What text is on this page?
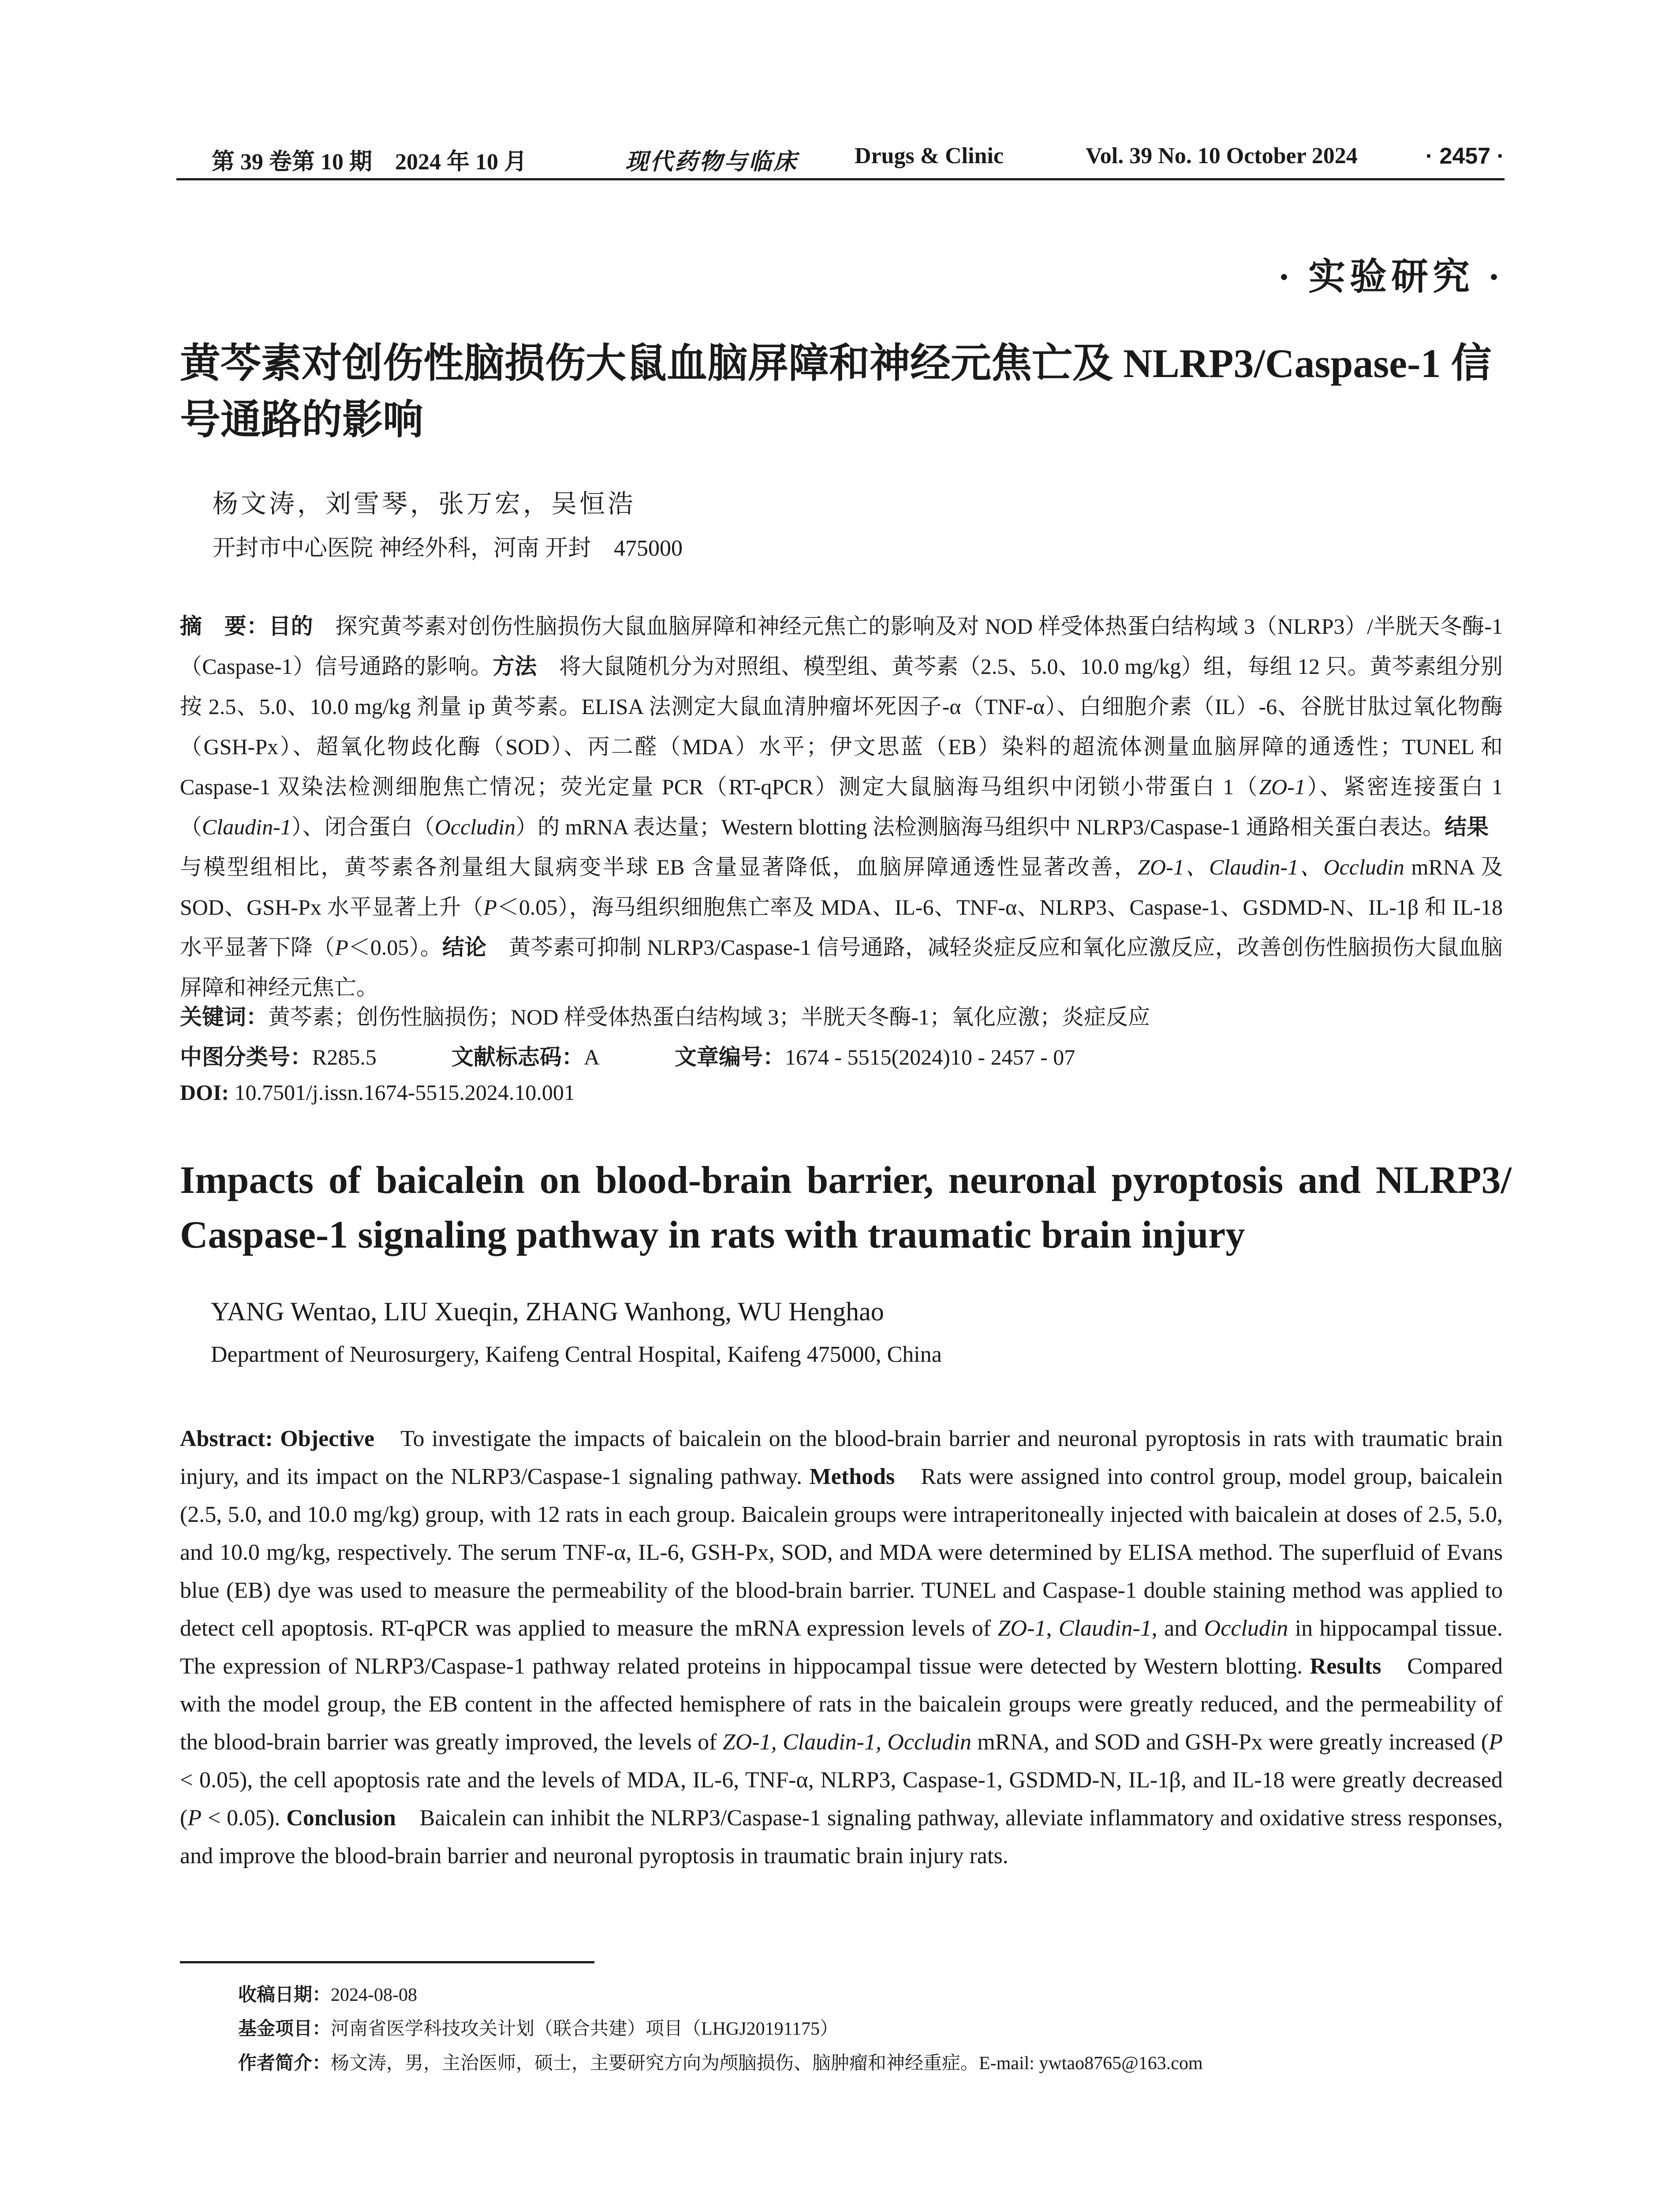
第 39 卷第 10 期　2024 年 10 月	现代药物与临床 Drugs & Clinic	Vol. 39 No. 10 October 2024	· 2457 ·
· 实验研究 ·
黄芩素对创伤性脑损伤大鼠血脑屏障和神经元焦亡及 NLRP3/Caspase-1 信号通路的影响
杨文涛，刘雪琴，张万宏，吴恒浩
开封市中心医院 神经外科，河南 开封　475000
摘　要：目的　探究黄芩素对创伤性脑损伤大鼠血脑屏障和神经元焦亡的影响及对 NOD 样受体热蛋白结构域 3（NLRP3）/半胱天冬酶-1（Caspase-1）信号通路的影响。方法　将大鼠随机分为对照组、模型组、黄芩素（2.5、5.0、10.0 mg/kg）组，每组 12 只。黄芩素组分别按 2.5、5.0、10.0 mg/kg 剂量 ip 黄芩素。ELISA 法测定大鼠血清肿瘤坏死因子-α（TNF-α）、白细胞介素（IL）-6、谷胱甘肽过氧化物酶（GSH-Px）、超氧化物歧化酶（SOD）、丙二醛（MDA）水平；伊文思蓝（EB）染料的超流体测量血脑屏障的通透性；TUNEL 和 Caspase-1 双染法检测细胞焦亡情况；荧光定量 PCR（RT-qPCR）测定大鼠脑海马组织中闭锁小带蛋白 1（ZO-1）、紧密连接蛋白 1（Claudin-1）、闭合蛋白（Occludin）的 mRNA 表达量；Western blotting 法检测脑海马组织中 NLRP3/Caspase-1 通路相关蛋白表达。结果　与模型组相比，黄芩素各剂量组大鼠病变半球 EB 含量显著降低，血脑屏障通透性显著改善，ZO-1、Claudin-1、Occludin mRNA 及 SOD、GSH-Px 水平显著上升（P＜0.05），海马组织细胞焦亡率及 MDA、IL-6、TNF-α、NLRP3、Caspase-1、GSDMD-N、IL-1β 和 IL-18 水平显著下降（P＜0.05）。结论　黄芩素可抑制 NLRP3/Caspase-1 信号通路，减轻炎症反应和氧化应激反应，改善创伤性脑损伤大鼠血脑屏障和神经元焦亡。
关键词：黄芩素；创伤性脑损伤；NOD 样受体热蛋白结构域 3；半胱天冬酶-1；氧化应激；炎症反应
中图分类号：R285.5	文献标志码：A	文章编号：1674 - 5515(2024)10 - 2457 - 07
DOI: 10.7501/j.issn.1674-5515.2024.10.001
Impacts of baicalein on blood-brain barrier, neuronal pyroptosis and NLRP3/ Caspase-1 signaling pathway in rats with traumatic brain injury
YANG Wentao, LIU Xueqin, ZHANG Wanhong, WU Henghao
Department of Neurosurgery, Kaifeng Central Hospital, Kaifeng 475000, China
Abstract: Objective　To investigate the impacts of baicalein on the blood-brain barrier and neuronal pyroptosis in rats with traumatic brain injury, and its impact on the NLRP3/Caspase-1 signaling pathway. Methods　Rats were assigned into control group, model group, baicalein (2.5, 5.0, and 10.0 mg/kg) group, with 12 rats in each group. Baicalein groups were intraperitoneally injected with baicalein at doses of 2.5, 5.0, and 10.0 mg/kg, respectively. The serum TNF-α, IL-6, GSH-Px, SOD, and MDA were determined by ELISA method. The superfluid of Evans blue (EB) dye was used to measure the permeability of the blood-brain barrier. TUNEL and Caspase-1 double staining method was applied to detect cell apoptosis. RT-qPCR was applied to measure the mRNA expression levels of ZO-1, Claudin-1, and Occludin in hippocampal tissue. The expression of NLRP3/Caspase-1 pathway related proteins in hippocampal tissue were detected by Western blotting. Results　Compared with the model group, the EB content in the affected hemisphere of rats in the baicalein groups were greatly reduced, and the permeability of the blood-brain barrier was greatly improved, the levels of ZO-1, Claudin-1, Occludin mRNA, and SOD and GSH-Px were greatly increased (P < 0.05), the cell apoptosis rate and the levels of MDA, IL-6, TNF-α, NLRP3, Caspase-1, GSDMD-N, IL-1β, and IL-18 were greatly decreased (P < 0.05). Conclusion　Baicalein can inhibit the NLRP3/Caspase-1 signaling pathway, alleviate inflammatory and oxidative stress responses, and improve the blood-brain barrier and neuronal pyroptosis in traumatic brain injury rats.
收稿日期：2024-08-08
基金项目：河南省医学科技攻关计划（联合共建）项目（LHGJ20191175）
作者简介：杨文涛，男，主治医师，硕士，主要研究方向为颅脑损伤、脑肿瘤和神经重症。E-mail: ywtao8765@163.com
